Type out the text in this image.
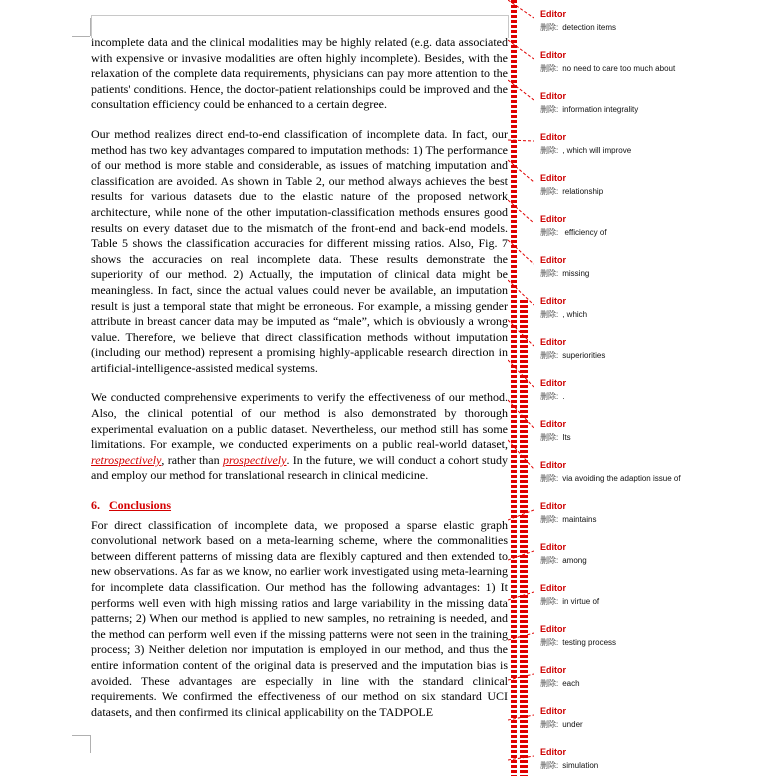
incomplete data and the clinical modalities may be highly related (e.g. data associated with expensive or invasive modalities are often highly incomplete). Besides, with the relaxation of the complete data requirements, physicians can pay more attention to the patients' conditions. Hence, the doctor-patient relationships could be improved and the consultation efficiency could be enhanced to a certain degree.

Our method realizes direct end-to-end classification of incomplete data. In fact, our method has two key advantages compared to imputation methods: 1) The performance of our method is more stable and considerable, as issues of matching imputation and classification are avoided. As shown in Table 2, our method always achieves the best results for various datasets due to the elastic nature of the proposed network architecture, while none of the other imputation-classification methods ensures good results on every dataset due to the mismatch of the front-end and back-end models. Table 5 shows the classification accuracies for different missing ratios. Also, Fig. 7 shows the accuracies on real incomplete data. These results demonstrate the superiority of our method. 2) Actually, the imputation of clinical data might be meaningless. In fact, since the actual values could never be available, an imputation result is just a temporal state that might be erroneous. For example, a missing gender attribute in breast cancer data may be imputed as “male”, which is obviously a wrong value. Therefore, we believe that direct classification methods without imputation (including our method) represent a promising highly-applicable research direction in artificial-intelligence-assisted medical systems.

We conducted comprehensive experiments to verify the effectiveness of our method. Also, the clinical potential of our method is also demonstrated by thorough experimental evaluation on a public dataset. Nevertheless, our method still has some limitations. For example, we conducted experiments on a public real-world dataset, retrospectively, rather than prospectively. In the future, we will conduct a cohort study and employ our method for translational research in clinical medicine.

6. Conclusions

For direct classification of incomplete data, we proposed a sparse elastic graph convolutional network based on a meta-learning scheme, where the commonalities between different patterns of missing data are flexibly captured and then extended to new observations. As far as we know, no earlier work investigated using meta-learning for incomplete data classification. Our method has the following advantages: 1) It performs well even with high missing ratios and large variability in the missing data patterns; 2) When our method is applied to new samples, no retraining is needed, and the method can perform well even if the missing patterns were not seen in the training process; 3) Neither deletion nor imputation is employed in our method, and thus the entire information content of the original data is preserved and the imputation bias is avoided. These advantages are especially in line with the standard clinical requirements. We confirmed the effectiveness of our method on six standard UCI datasets, and then confirmed its clinical applicability on the TADPOLE

Editor
删除: detection items
Editor
删除: no need to care too much about
Editor
删除: information integrality
Editor
删除: , which will improve
Editor
删除: relationship
Editor
删除: efficiency of
Editor
删除: missing
Editor
删除: , which
Editor
删除: superiorities
Editor
删除: .
Editor
删除: Its
Editor
删除: via avoiding the adaption issue of
Editor
删除: maintains
Editor
删除: among
Editor
删除: in virtue of
Editor
删除: testing process
Editor
删除: each
Editor
删除: under
Editor
删除: simulation
